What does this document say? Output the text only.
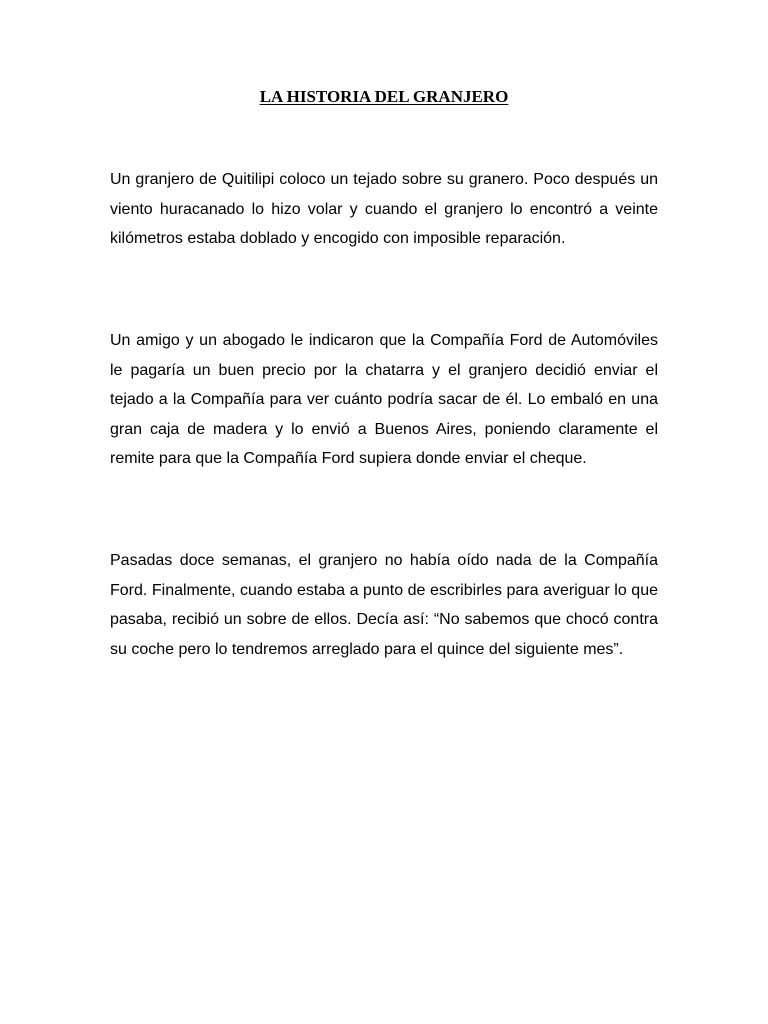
LA HISTORIA DEL GRANJERO

Un granjero de Quitilipi coloco un tejado sobre su granero. Poco después un viento huracanado lo hizo volar y cuando el granjero lo encontró a veinte kilómetros estaba doblado y encogido con imposible reparación.

Un amigo y un abogado le indicaron que la Compañía Ford de Automóviles le pagaría un buen precio por la chatarra y el granjero decidió enviar el tejado a la Compañía para ver cuánto podría sacar de él. Lo embaló en una gran caja de madera y lo envió a Buenos Aires, poniendo claramente el remite para que la Compañía Ford supiera donde enviar el cheque.

Pasadas doce semanas, el granjero no había oído nada de la Compañía Ford. Finalmente, cuando estaba a punto de escribirles para averiguar lo que pasaba, recibió un sobre de ellos. Decía así: “No sabemos que chocó contra su coche pero lo tendremos arreglado para el quince del siguiente mes”.
